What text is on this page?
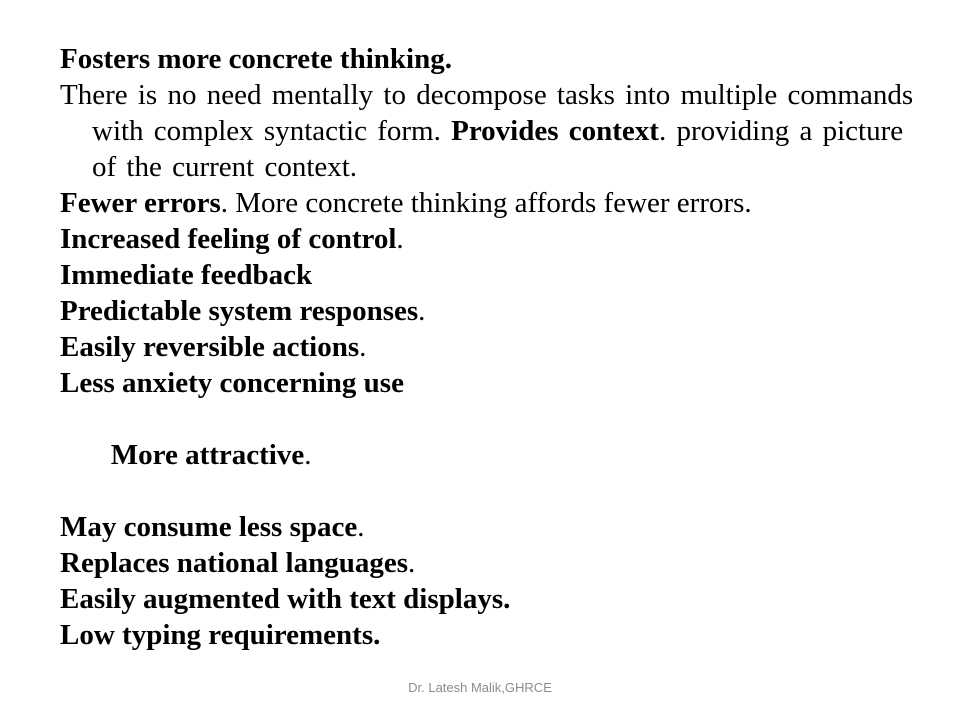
Fosters more concrete thinking.

There is no need mentally to decompose tasks into multiple commands with complex syntactic form. Provides context. providing a picture of the current context.

Fewer errors. More concrete thinking affords fewer errors.

Increased feeling of control.

Immediate feedback

Predictable system responses.

Easily reversible actions.

Less anxiety concerning use

More attractive.

May consume less space.

Replaces national languages.

Easily augmented with text displays.

Low typing requirements.

Dr. Latesh Malik,GHRCE
